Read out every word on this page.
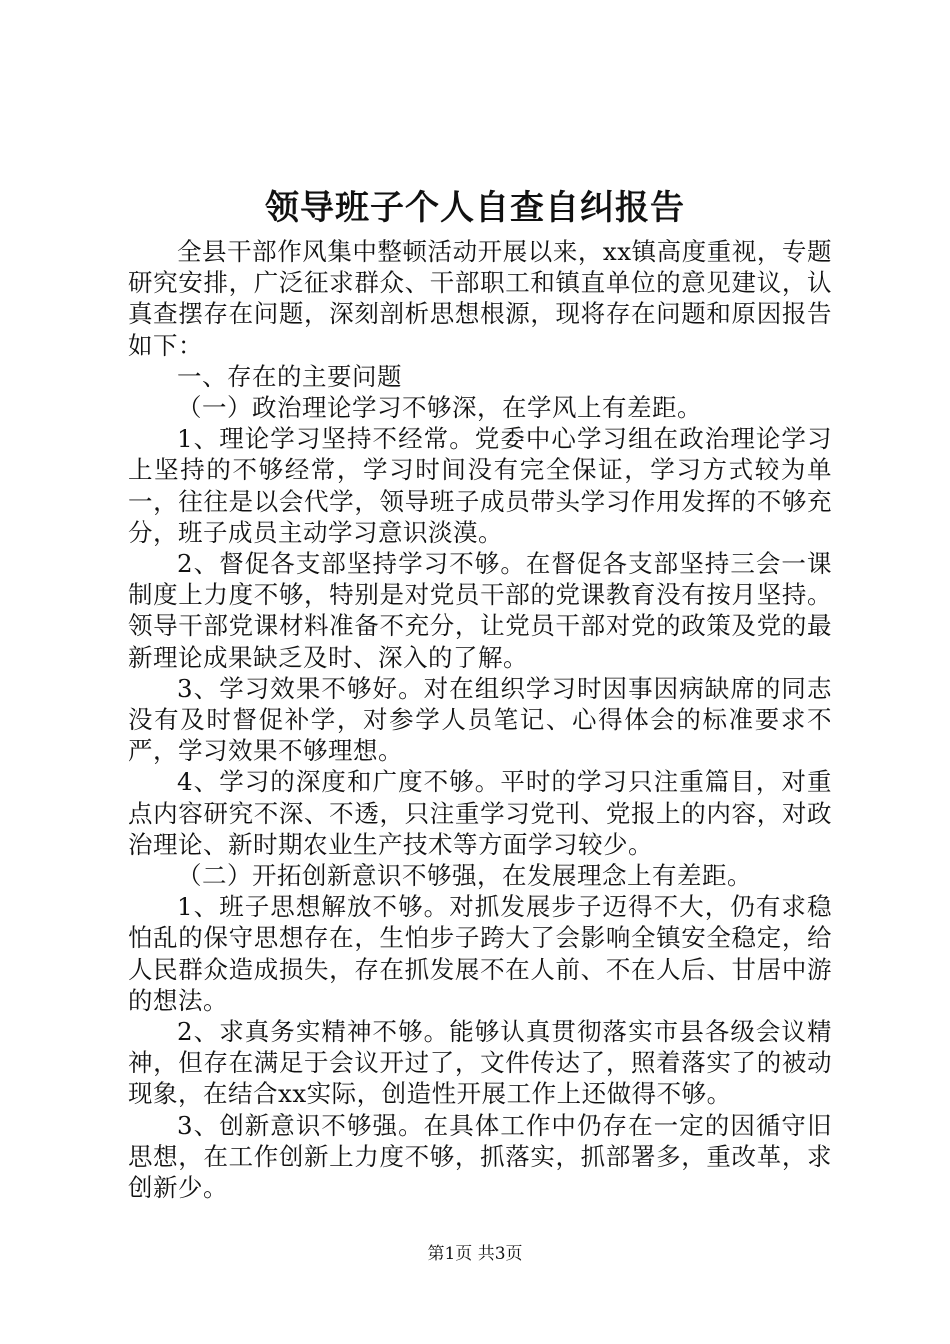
领导班子个人自查自纠报告

全县干部作风集中整顿活动开展以来，xx镇高度重视，专题研究安排，广泛征求群众、干部职工和镇直单位的意见建议，认真查摆存在问题，深刻剖析思想根源，现将存在问题和原因报告如下：

一、存在的主要问题

（一）政治理论学习不够深，在学风上有差距。

1、理论学习坚持不经常。党委中心学习组在政治理论学习上坚持的不够经常，学习时间没有完全保证，学习方式较为单一，往往是以会代学，领导班子成员带头学习作用发挥的不够充分，班子成员主动学习意识淡漠。

2、督促各支部坚持学习不够。在督促各支部坚持三会一课制度上力度不够，特别是对党员干部的党课教育没有按月坚持。领导干部党课材料准备不充分，让党员干部对党的政策及党的最新理论成果缺乏及时、深入的了解。

3、学习效果不够好。对在组织学习时因事因病缺席的同志没有及时督促补学，对参学人员笔记、心得体会的标准要求不严，学习效果不够理想。

4、学习的深度和广度不够。平时的学习只注重篇目，对重点内容研究不深、不透，只注重学习党刊、党报上的内容，对政治理论、新时期农业生产技术等方面学习较少。

（二）开拓创新意识不够强，在发展理念上有差距。

1、班子思想解放不够。对抓发展步子迈得不大，仍有求稳怕乱的保守思想存在，生怕步子跨大了会影响全镇安全稳定，给人民群众造成损失，存在抓发展不在人前、不在人后、甘居中游的想法。

2、求真务实精神不够。能够认真贯彻落实市县各级会议精神，但存在满足于会议开过了，文件传达了，照着落实了的被动现象，在结合xx实际，创造性开展工作上还做得不够。

3、创新意识不够强。在具体工作中仍存在一定的因循守旧思想，在工作创新上力度不够，抓落实，抓部署多，重改革，求创新少。

第1页 共3页
